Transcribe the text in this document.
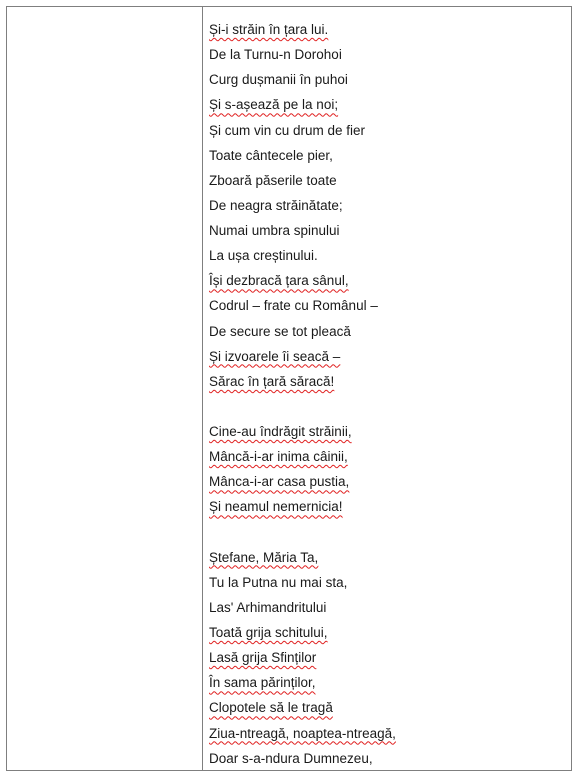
Și-i străin în țara lui.
De la Turnu-n Dorohoi
Curg dușmanii în puhoi
Și s-așează pe la noi;
Și cum vin cu drum de fier
Toate cântecele pier,
Zboară păserile toate
De neagra străinătate;
Numai umbra spinului
La ușa creștinului.
Își dezbracă țara sânul,
Codrul – frate cu Românul –
De secure se tot pleacă
Și izvoarele îi seacă –
Sărac în țară săracă!
Cine-au îndrăgit străinii,
Mâncă-i-ar inima câinii,
Mânca-i-ar casa pustia,
Și neamul nemernicia!
Ștefane, Măria Ta,
Tu la Putna nu mai sta,
Las' Arhimandritului
Toată grija schitului,
Lasă grija Sfinților
În sama părinților,
Clopotele să le tragă
Ziua-ntreagă, noaptea-ntreagă,
Doar s-a-ndura Dumnezeu,
